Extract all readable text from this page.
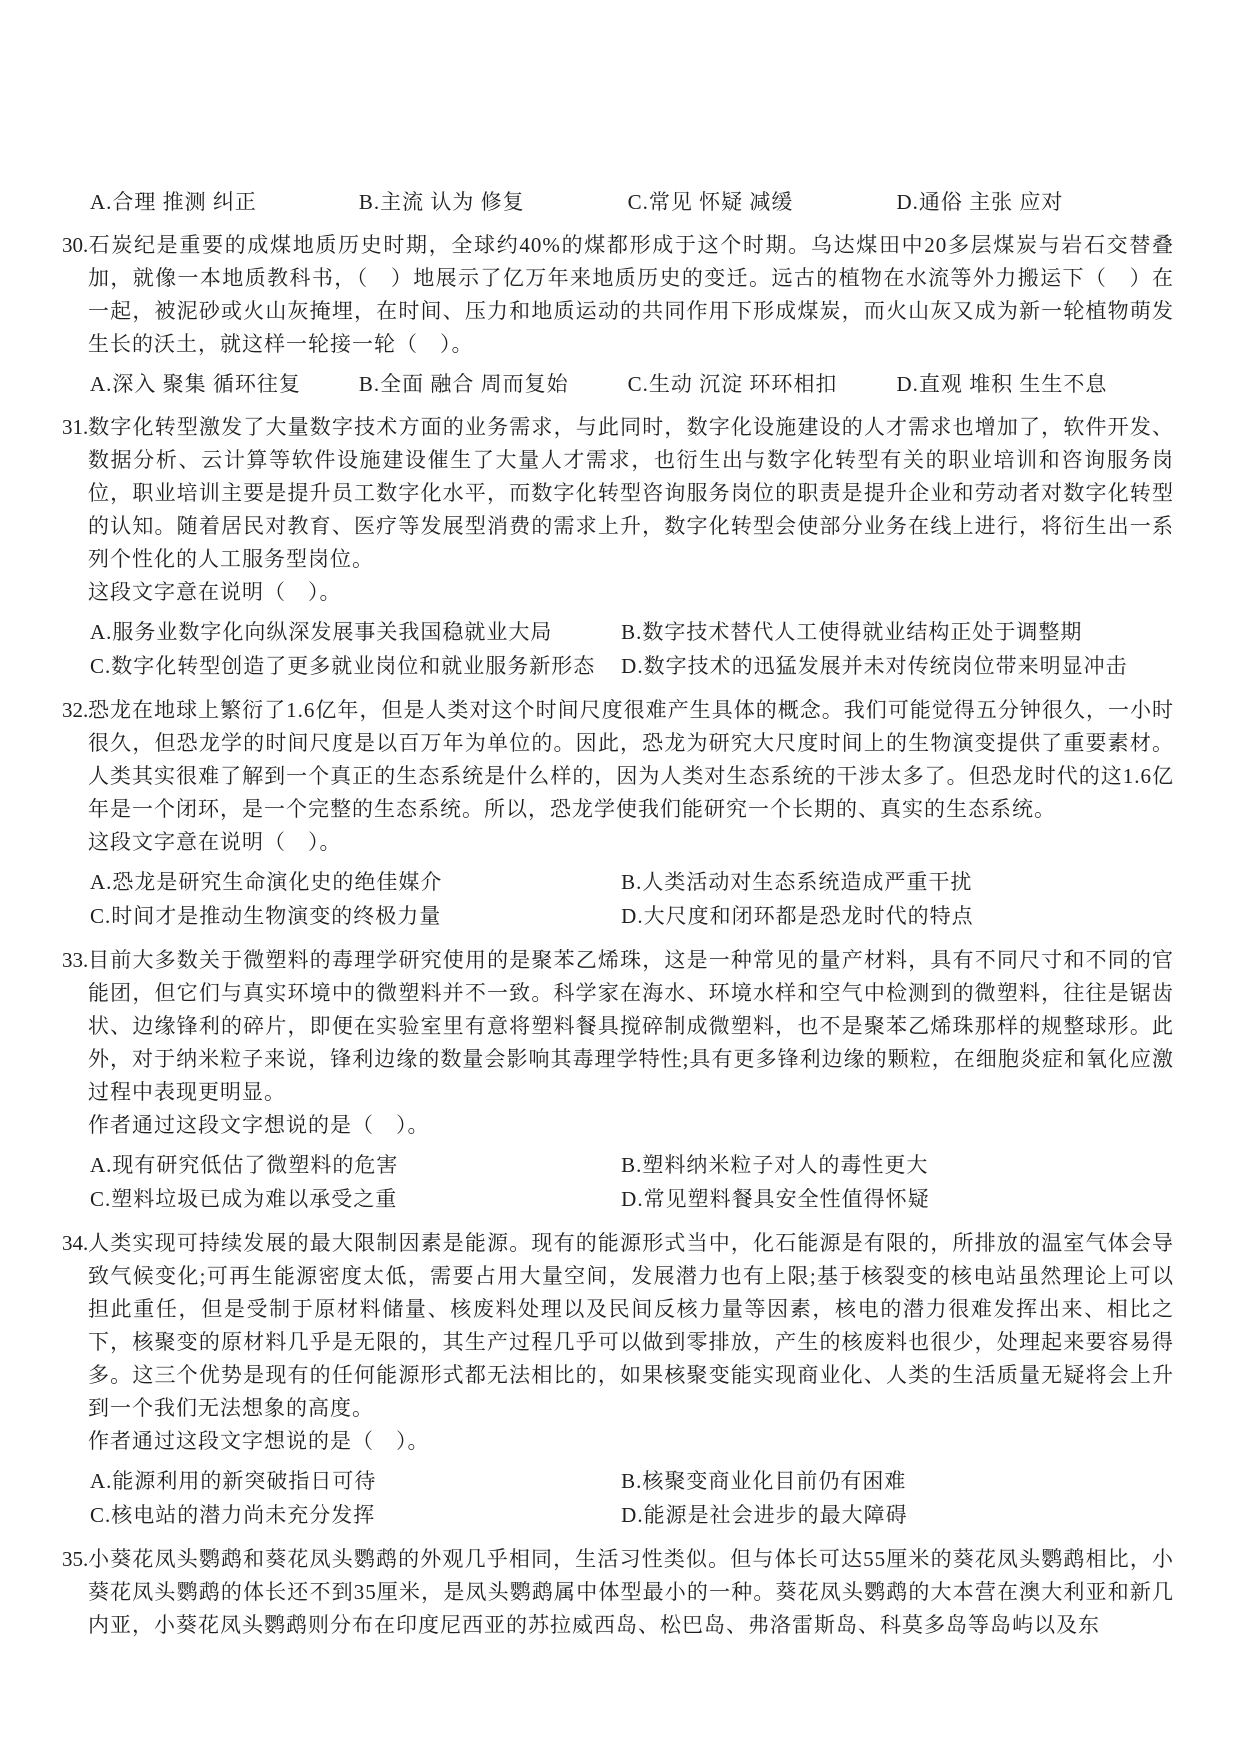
A.合理 推测 纠正	B.主流 认为 修复	C.常见 怀疑 减缓	D.通俗 主张 应对

30.石炭纪是重要的成煤地质历史时期，全球约40%的煤都形成于这个时期。乌达煤田中20多层煤炭与岩石交替叠加，就像一本地质教科书，（　）地展示了亿万年来地质历史的变迁。远古的植物在水流等外力搬运下（　）在一起，被泥砂或火山灰掩埋，在时间、压力和地质运动的共同作用下形成煤炭，而火山灰又成为新一轮植物萌发生长的沃土，就这样一轮接一轮（　）。

A.深入 聚集 循环往复	B.全面 融合 周而复始	C.生动 沉淀 环环相扣	D.直观 堆积 生生不息

31.数字化转型激发了大量数字技术方面的业务需求，与此同时，数字化设施建设的人才需求也增加了，软件开发、数据分析、云计算等软件设施建设催生了大量人才需求，也衍生出与数字化转型有关的职业培训和咨询服务岗位，职业培训主要是提升员工数字化水平，而数字化转型咨询服务岗位的职责是提升企业和劳动者对数字化转型的认知。随着居民对教育、医疗等发展型消费的需求上升，数字化转型会使部分业务在线上进行，将衍生出一系列个性化的人工服务型岗位。

这段文字意在说明（　）。

A.服务业数字化向纵深发展事关我国稳就业大局	B.数字技术替代人工使得就业结构正处于调整期
C.数字化转型创造了更多就业岗位和就业服务新形态	D.数字技术的迅猛发展并未对传统岗位带来明显冲击

32.恐龙在地球上繁衍了1.6亿年，但是人类对这个时间尺度很难产生具体的概念。我们可能觉得五分钟很久，一小时很久，但恐龙学的时间尺度是以百万年为单位的。因此，恐龙为研究大尺度时间上的生物演变提供了重要素材。人类其实很难了解到一个真正的生态系统是什么样的，因为人类对生态系统的干涉太多了。但恐龙时代的这1.6亿年是一个闭环，是一个完整的生态系统。所以，恐龙学使我们能研究一个长期的、真实的生态系统。

这段文字意在说明（　）。

A.恐龙是研究生命演化史的绝佳媒介	B.人类活动对生态系统造成严重干扰
C.时间才是推动生物演变的终极力量	D.大尺度和闭环都是恐龙时代的特点

33.目前大多数关于微塑料的毒理学研究使用的是聚苯乙烯珠，这是一种常见的量产材料，具有不同尺寸和不同的官能团，但它们与真实环境中的微塑料并不一致。科学家在海水、环境水样和空气中检测到的微塑料，往往是锯齿状、边缘锋利的碎片，即便在实验室里有意将塑料餐具搅碎制成微塑料，也不是聚苯乙烯珠那样的规整球形。此外，对于纳米粒子来说，锋利边缘的数量会影响其毒理学特性;具有更多锋利边缘的颗粒，在细胞炎症和氧化应激过程中表现更明显。

作者通过这段文字想说的是（　）。

A.现有研究低估了微塑料的危害	B.塑料纳米粒子对人的毒性更大
C.塑料垃圾已成为难以承受之重	D.常见塑料餐具安全性值得怀疑

34.人类实现可持续发展的最大限制因素是能源。现有的能源形式当中，化石能源是有限的，所排放的温室气体会导致气候变化;可再生能源密度太低，需要占用大量空间，发展潜力也有上限;基于核裂变的核电站虽然理论上可以担此重任，但是受制于原材料储量、核废料处理以及民间反核力量等因素，核电的潜力很难发挥出来、相比之下，核聚变的原材料几乎是无限的，其生产过程几乎可以做到零排放，产生的核废料也很少，处理起来要容易得多。这三个优势是现有的任何能源形式都无法相比的，如果核聚变能实现商业化、人类的生活质量无疑将会上升到一个我们无法想象的高度。

作者通过这段文字想说的是（　）。

A.能源利用的新突破指日可待	B.核聚变商业化目前仍有困难
C.核电站的潜力尚未充分发挥	D.能源是社会进步的最大障碍

35.小葵花凤头鹦鹉和葵花凤头鹦鹉的外观几乎相同，生活习性类似。但与体长可达55厘米的葵花凤头鹦鹉相比，小葵花凤头鹦鹉的体长还不到35厘米，是凤头鹦鹉属中体型最小的一种。葵花凤头鹦鹉的大本营在澳大利亚和新几内亚，小葵花凤头鹦鹉则分布在印度尼西亚的苏拉威西岛、松巴岛、弗洛雷斯岛、科莫多岛等岛屿以及东
